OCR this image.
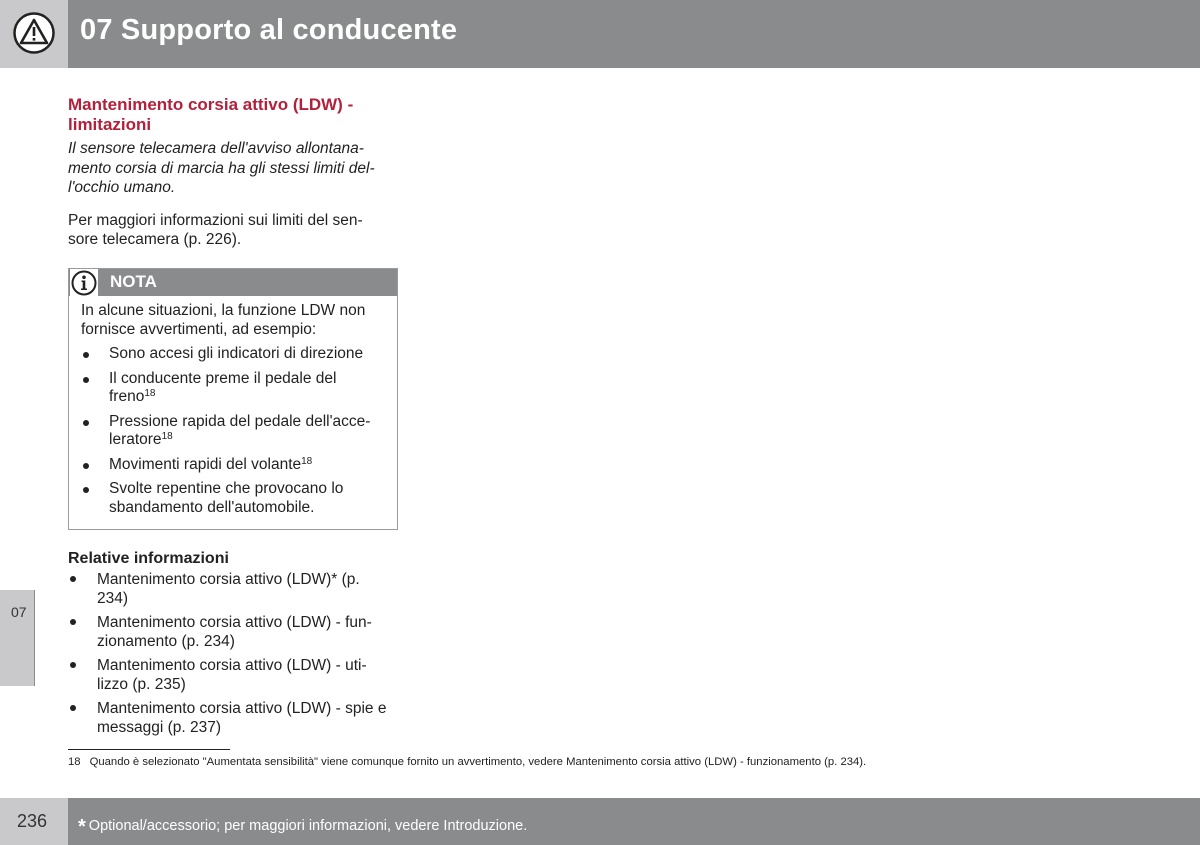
07 Supporto al conducente
07
Mantenimento corsia attivo (LDW) -
limitazioni
Il sensore telecamera dell'avviso allontana-
mento corsia di marcia ha gli stessi limiti del-
l'occhio umano.
Per maggiori informazioni sui limiti del sen-
sore telecamera (p. 226).
NOTA

In alcune situazioni, la funzione LDW non
fornisce avvertimenti, ad esempio:

Sono accesi gli indicatori di direzione
Il conducente preme il pedale del
freno$^{18}$
Pressione rapida del pedale dell'acce-
leratore$^{18}$
Movimenti rapidi del volante$^{18}$
Svolte repentine che provocano lo
sbandamento dell'automobile.
Relative informazioni
Mantenimento corsia attivo (LDW)* (p.
234)
Mantenimento corsia attivo (LDW) - fun-
zionamento (p. 234)
Mantenimento corsia attivo (LDW) - uti-
lizzo (p. 235)
Mantenimento corsia attivo (LDW) - spie e
messaggi (p. 237)
18 Quando è selezionato "Aumentata sensibilità" viene comunque fornito un avvertimento, vedere Mantenimento corsia attivo (LDW) - funzionamento (p. 234).
236 * Optional/accessorio; per maggiori informazioni, vedere Introduzione.
